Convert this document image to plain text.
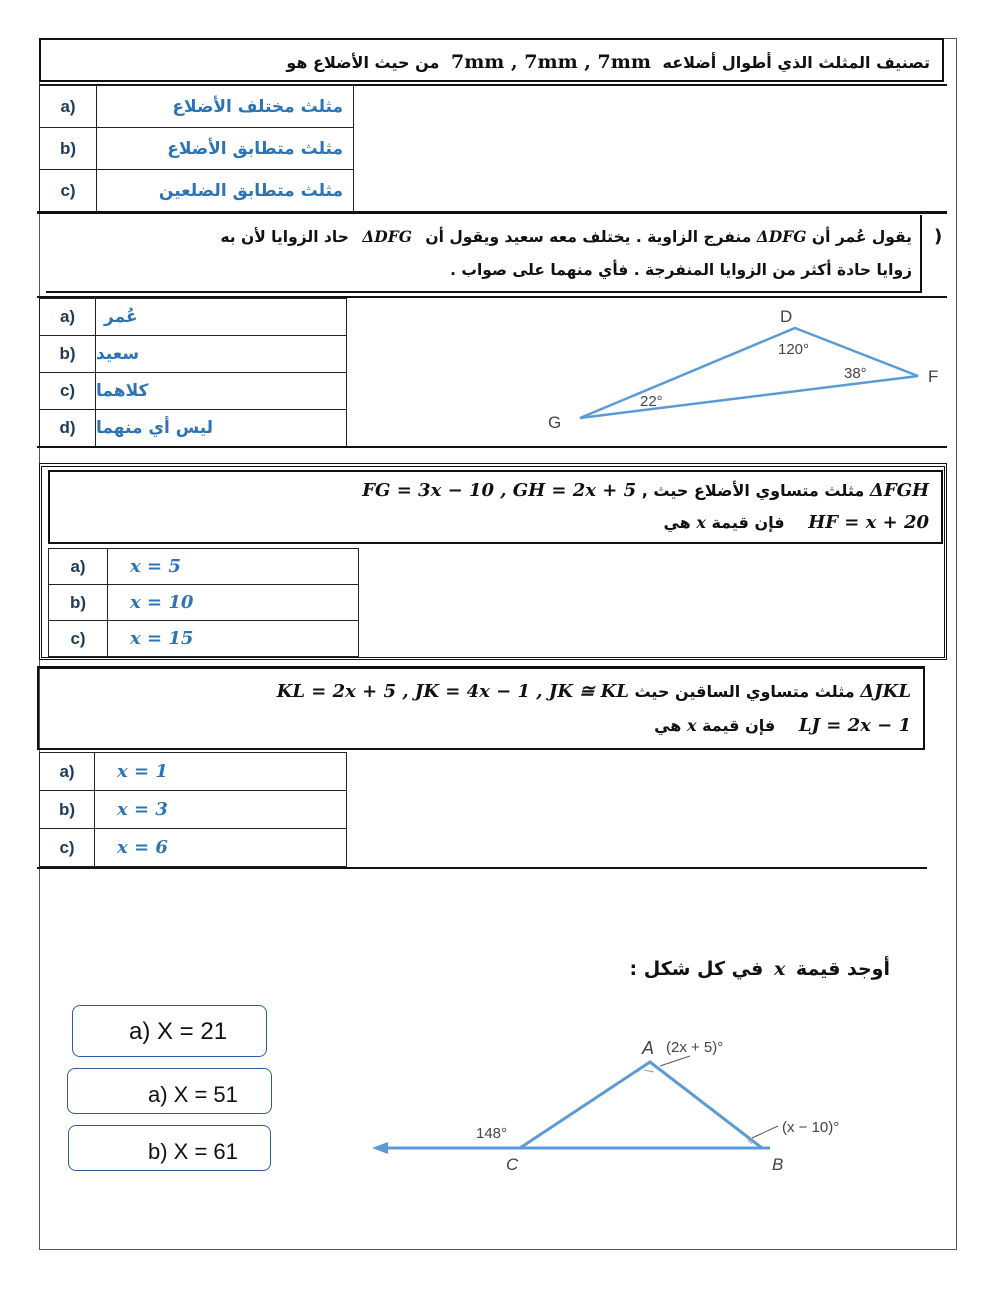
تصنيف المثلث الذي أطوال أضلاعه 7mm , 7mm , 7mm من حيث الأضلاع هو
a)	مثلث مختلف الأضلاع
b)	مثلث متطابق الأضلاع
c)	مثلث متطابق الضلعين
يقول عُمر أن ΔDFG منفرج الزاوية . يختلف معه سعيد ويقول أن ΔDFG حاد الزوايا لأن به
زوايا حادة أكثر من الزوايا المنفرجة . فأي منهما على صواب .
)
a)	عُمر
b)	سعيد
c)	كلاهما
d)	ليس أي منهما
D
F
G
120°
38°
22°
ΔFGH مثلث متساوي الأضلاع حيث , FG = 3x − 10 , GH = 2x + 5
HF = x + 20 فإن قيمة x هي
a)	x = 5
b)	x = 10
c)	x = 15
ΔJKL مثلث متساوي الساقين حيث KL = 2x + 5 , JK = 4x − 1 , JK ≅ KL
LJ = 2x − 1 فإن قيمة x هي
a)	x = 1
b)	x = 3
c)	x = 6
أوجد قيمة x في كل شكل :
a) X = 21
a) X = 51
b) X = 61
A (2x + 5)°
B
(x − 10)°
C
148°
